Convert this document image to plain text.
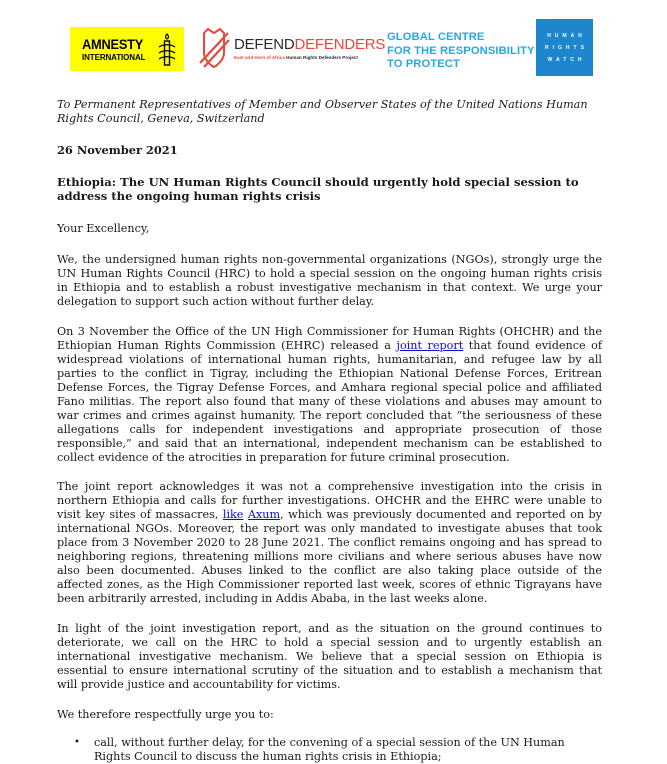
AMNESTY
INTERNATIONAL
DEFENDDEFENDERS
East and Horn of Africa Human Rights Defenders Project
GLOBAL CENTRE
FOR THE RESPONSIBILITY
TO PROTECT
HUMAN
RIGHTS
WATCH

To Permanent Representatives of Member and Observer States of the United Nations Human Rights Council, Geneva, Switzerland

26 November 2021

Ethiopia: The UN Human Rights Council should urgently hold special session to address the ongoing human rights crisis

Your Excellency,

We, the undersigned human rights non-governmental organizations (NGOs), strongly urge the UN Human Rights Council (HRC) to hold a special session on the ongoing human rights crisis in Ethiopia and to establish a robust investigative mechanism in that context. We urge your delegation to support such action without further delay.

On 3 November the Office of the UN High Commissioner for Human Rights (OHCHR) and the Ethiopian Human Rights Commission (EHRC) released a joint report that found evidence of widespread violations of international human rights, humanitarian, and refugee law by all parties to the conflict in Tigray, including the Ethiopian National Defense Forces, Eritrean Defense Forces, the Tigray Defense Forces, and Amhara regional special police and affiliated Fano militias. The report also found that many of these violations and abuses may amount to war crimes and crimes against humanity. The report concluded that “the seriousness of these allegations calls for independent investigations and appropriate prosecution of those responsible,” and said that an international, independent mechanism can be established to collect evidence of the atrocities in preparation for future criminal prosecution.

The joint report acknowledges it was not a comprehensive investigation into the crisis in northern Ethiopia and calls for further investigations. OHCHR and the EHRC were unable to visit key sites of massacres, like Axum, which was previously documented and reported on by international NGOs. Moreover, the report was only mandated to investigate abuses that took place from 3 November 2020 to 28 June 2021. The conflict remains ongoing and has spread to neighboring regions, threatening millions more civilians and where serious abuses have now also been documented. Abuses linked to the conflict are also taking place outside of the affected zones, as the High Commissioner reported last week, scores of ethnic Tigrayans have been arbitrarily arrested, including in Addis Ababa, in the last weeks alone.

In light of the joint investigation report, and as the situation on the ground continues to deteriorate, we call on the HRC to hold a special session and to urgently establish an international investigative mechanism. We believe that a special session on Ethiopia is essential to ensure international scrutiny of the situation and to establish a mechanism that will provide justice and accountability for victims.

We therefore respectfully urge you to:

• call, without further delay, for the convening of a special session of the UN Human Rights Council to discuss the human rights crisis in Ethiopia;
